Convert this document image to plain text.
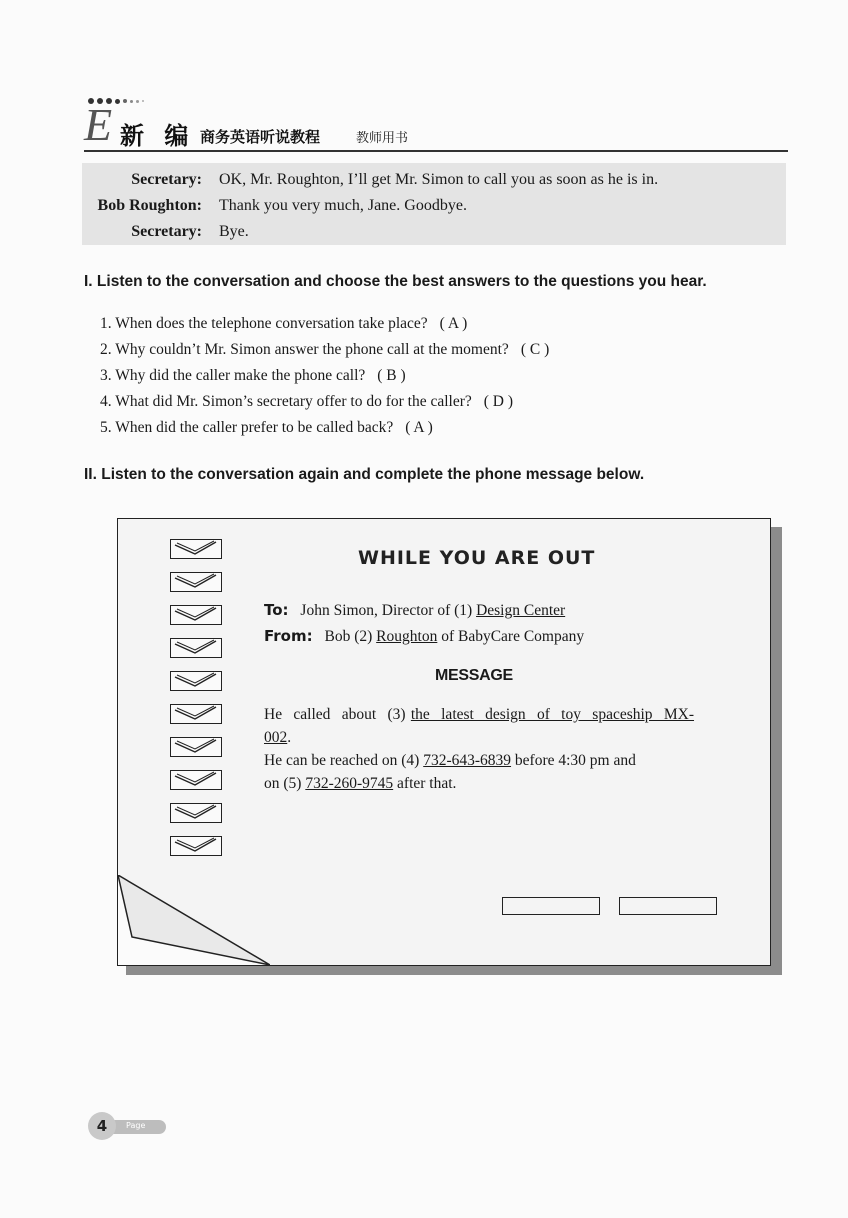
E 新 编 商务英语听说教程	教师用书
Secretary: OK, Mr. Roughton, I’ll get Mr. Simon to call you as soon as he is in.
Bob Roughton: Thank you very much, Jane. Goodbye.
Secretary: Bye.
I. Listen to the conversation and choose the best answers to the questions you hear.
1. When does the telephone conversation take place? ( A )
2. Why couldn’t Mr. Simon answer the phone call at the moment? ( C )
3. Why did the caller make the phone call? ( B )
4. What did Mr. Simon’s secretary offer to do for the caller? ( D )
5. When did the caller prefer to be called back? ( A )
II. Listen to the conversation again and complete the phone message below.
WHILE YOU ARE OUT
To: John Simon, Director of (1) Design Center
From: Bob (2) Roughton of BabyCare Company
MESSAGE
He called about (3) the latest design of toy spaceship MX-002.
He can be reached on (4) 732-643-6839 before 4:30 pm and
on (5) 732-260-9745 after that.
Page
4
